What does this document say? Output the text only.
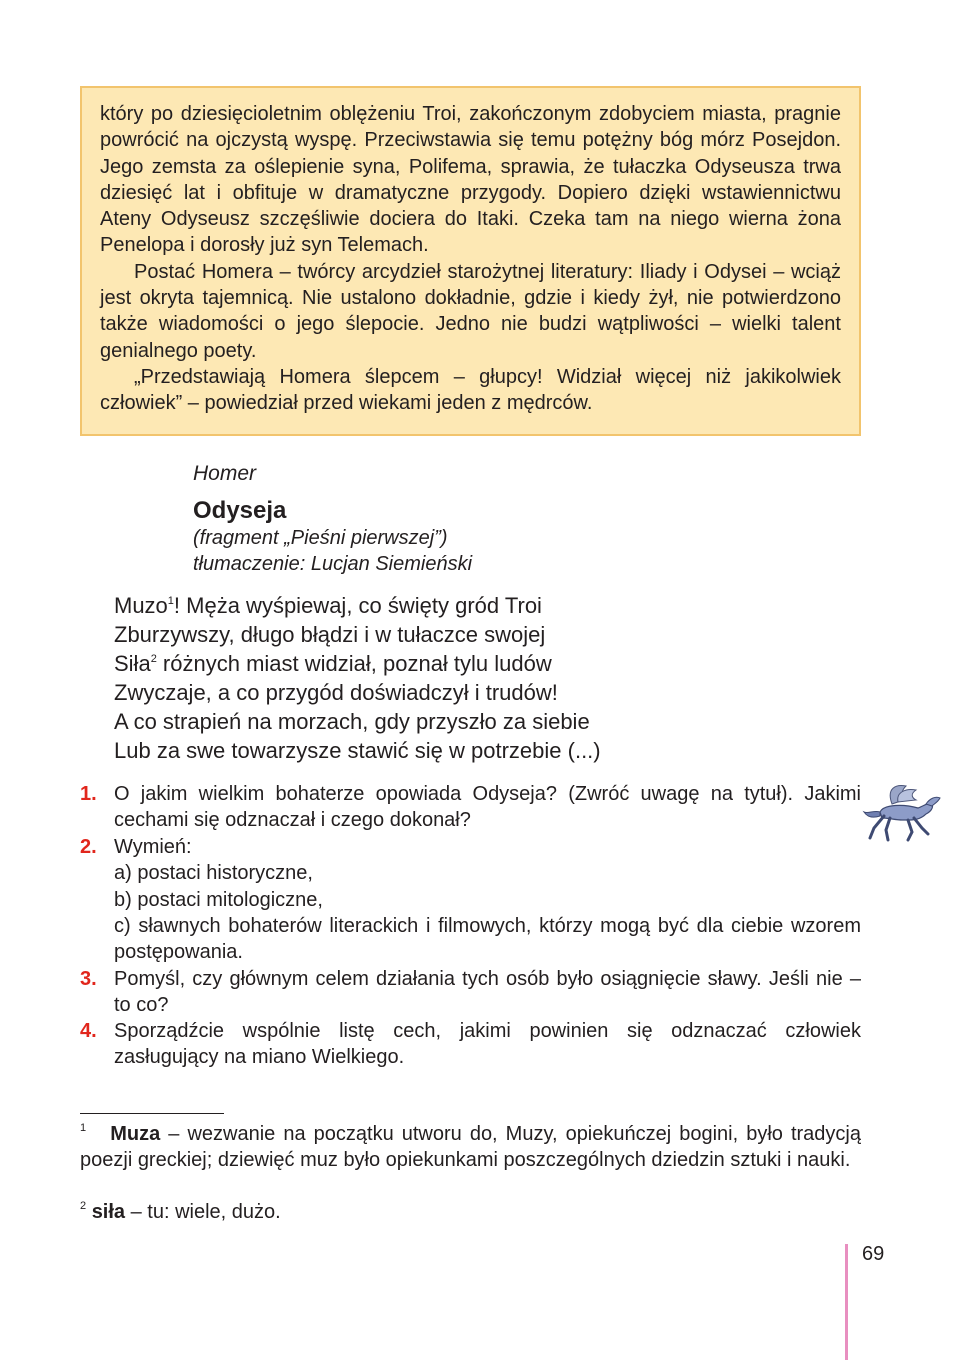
który po dziesięcioletnim oblężeniu Troi, zakończonym zdobyciem miasta, pragnie powrócić na ojczystą wyspę. Przeciwstawia się temu potężny bóg mórz Posejdon. Jego zemsta za oślepienie syna, Polifema, sprawia, że tułaczka Odyseusza trwa dziesięć lat i obfituje w dramatyczne przygody. Dopiero dzięki wstawiennictwu Ateny Odyseusz szczęśliwie dociera do Itaki. Czeka tam na niego wierna żona Penelopa i dorosły już syn Telemach.

Postać Homera – twórcy arcydzieł starożytnej literatury: Iliady i Odysei – wciąż jest okryta tajemnicą. Nie ustalono dokładnie, gdzie i kiedy żył, nie potwierdzono także wiadomości o jego ślepocie. Jedno nie budzi wątpliwości – wielki talent genialnego poety.

„Przedstawiają Homera ślepcem – głupcy! Widział więcej niż jakikolwiek człowiek” – powiedział przed wiekami jeden z mędrców.

Homer
Odyseja
(fragment „Pieśni pierwszej”)
tłumaczenie: Lucjan Siemieński
Muzo$^1$! Męża wyśpiewaj, co święty gród Troi
Zburzywszy, długo błądzi i w tułaczce swojej
Siła$^2$ różnych miast widział, poznał tylu ludów
Zwyczaje, a co przygód doświadczył i trudów!
A co strapień na morzach, gdy przyszło za siebie
Lub za swe towarzysze stawić się w potrzebie (...)
1. O jakim wielkim bohaterze opowiada Odyseja? (Zwróć uwagę na tytuł). Jakimi cechami się odznaczał i czego dokonał?
2. Wymień:
a) postaci historyczne,
b) postaci mitologiczne,
c) sławnych bohaterów literackich i filmowych, którzy mogą być dla ciebie wzorem postępowania.
3. Pomyśl, czy głównym celem działania tych osób było osiągnięcie sławy. Jeśli nie – to co?
4. Sporządźcie wspólnie listę cech, jakimi powinien się odznaczać człowiek zasługujący na miano Wielkiego.
$^1$ Muza – wezwanie na początku utworu do, Muzy, opiekuńczej bogini, było tradycją poezji greckiej; dziewięć muz było opiekunkami poszczególnych dziedzin sztuki i nauki.
$^2$ siła – tu: wiele, dużo.
69
